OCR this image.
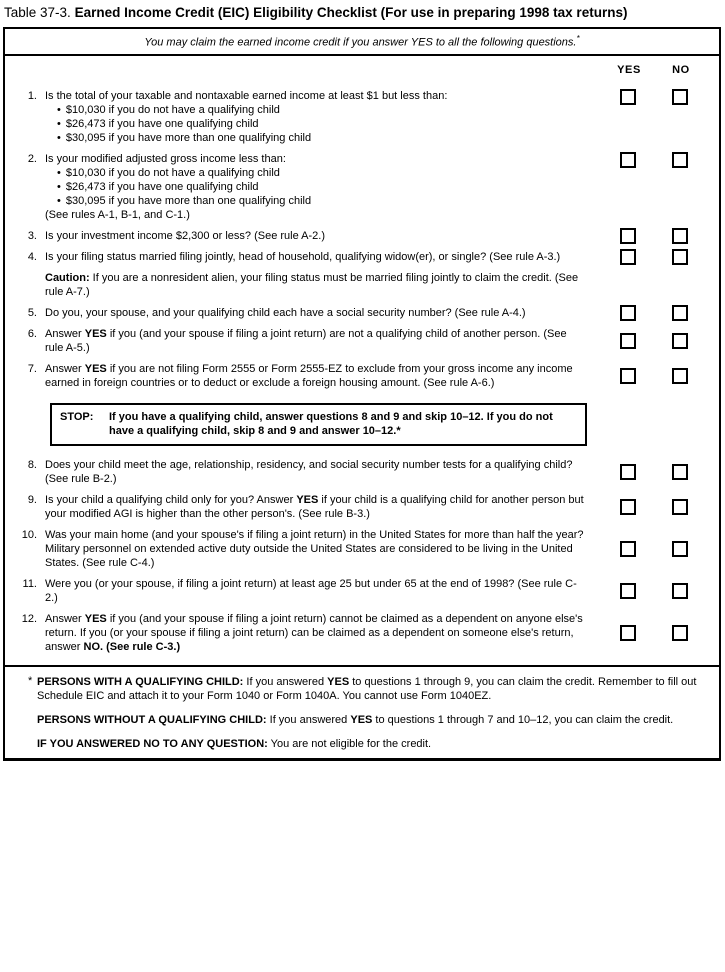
Table 37-3. Earned Income Credit (EIC) Eligibility Checklist (For use in preparing 1998 tax returns)
You may claim the earned income credit if you answer YES to all the following questions.*
YES	NO
1. Is the total of your taxable and nontaxable earned income at least $1 but less than:
• $10,030 if you do not have a qualifying child
• $26,473 if you have one qualifying child
• $30,095 if you have more than one qualifying child
2. Is your modified adjusted gross income less than:
• $10,030 if you do not have a qualifying child
• $26,473 if you have one qualifying child
• $30,095 if you have more than one qualifying child
(See rules A-1, B-1, and C-1.)
3. Is your investment income $2,300 or less? (See rule A-2.)
4. Is your filing status married filing jointly, head of household, qualifying widow(er), or single? (See rule A-3.)
Caution: If you are a nonresident alien, your filing status must be married filing jointly to claim the credit. (See rule A-7.)
5. Do you, your spouse, and your qualifying child each have a social security number? (See rule A-4.)
6. Answer YES if you (and your spouse if filing a joint return) are not a qualifying child of another person. (See rule A-5.)
7. Answer YES if you are not filing Form 2555 or Form 2555-EZ to exclude from your gross income any income earned in foreign countries or to deduct or exclude a foreign housing amount. (See rule A-6.)
STOP:	If you have a qualifying child, answer questions 8 and 9 and skip 10–12. If you do not have a qualifying child, skip 8 and 9 and answer 10–12.*
8. Does your child meet the age, relationship, residency, and social security number tests for a qualifying child? (See rule B-2.)
9. Is your child a qualifying child only for you? Answer YES if your child is a qualifying child for another person but your modified AGI is higher than the other person's. (See rule B-3.)
10. Was your main home (and your spouse's if filing a joint return) in the United States for more than half the year? Military personnel on extended active duty outside the United States are considered to be living in the United States. (See rule C-4.)
11. Were you (or your spouse, if filing a joint return) at least age 25 but under 65 at the end of 1998? (See rule C-2.)
12. Answer YES if you (and your spouse if filing a joint return) cannot be claimed as a dependent on anyone else's return. If you (or your spouse if filing a joint return) can be claimed as a dependent on someone else's return, answer NO. (See rule C-3.)
* PERSONS WITH A QUALIFYING CHILD: If you answered YES to questions 1 through 9, you can claim the credit. Remember to fill out Schedule EIC and attach it to your Form 1040 or Form 1040A. You cannot use Form 1040EZ.
PERSONS WITHOUT A QUALIFYING CHILD: If you answered YES to questions 1 through 7 and 10–12, you can claim the credit.
IF YOU ANSWERED NO TO ANY QUESTION: You are not eligible for the credit.
